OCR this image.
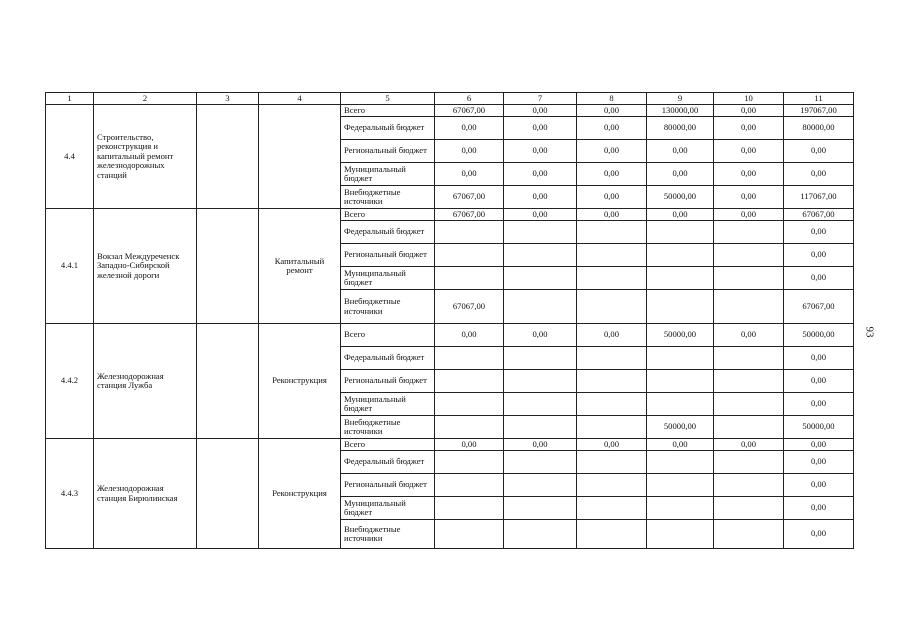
1	2	3	4	5	6	7	8	9	10	11
4.4	Строительство, реконструкция и капитальный ремонт железнодорожных станций			Всего	67067,00	0,00	0,00	130000,00	0,00	197067,00
				Федеральный бюджет	0,00	0,00	0,00	80000,00	0,00	80000,00
				Региональный бюджет	0,00	0,00	0,00	0,00	0,00	0,00
				Муниципальный бюджет	0,00	0,00	0,00	0,00	0,00	0,00
				Внебюджетные источники	67067,00	0,00	0,00	50000,00	0,00	117067,00
4.4.1	Вокзал Междуреченск Западно-Сибирской железной дороги		Капитальный ремонт	Всего	67067,00	0,00	0,00	0,00	0,00	67067,00
				Федеральный бюджет						0,00
				Региональный бюджет						0,00
				Муниципальный бюджет						0,00
				Внебюджетные источники	67067,00					67067,00
4.4.2	Железнодорожная станция Лужба		Реконструкция	Всего	0,00	0,00	0,00	50000,00	0,00	50000,00
				Федеральный бюджет						0,00
				Региональный бюджет						0,00
				Муниципальный бюджет						0,00
				Внебюджетные источники				50000,00		50000,00
4.4.3	Железнодорожная станция Бирюлинская		Реконструкция	Всего	0,00	0,00	0,00	0,00	0,00	0,00
				Федеральный бюджет						0,00
				Региональный бюджет						0,00
				Муниципальный бюджет						0,00
				Внебюджетные источники						0,00
93
